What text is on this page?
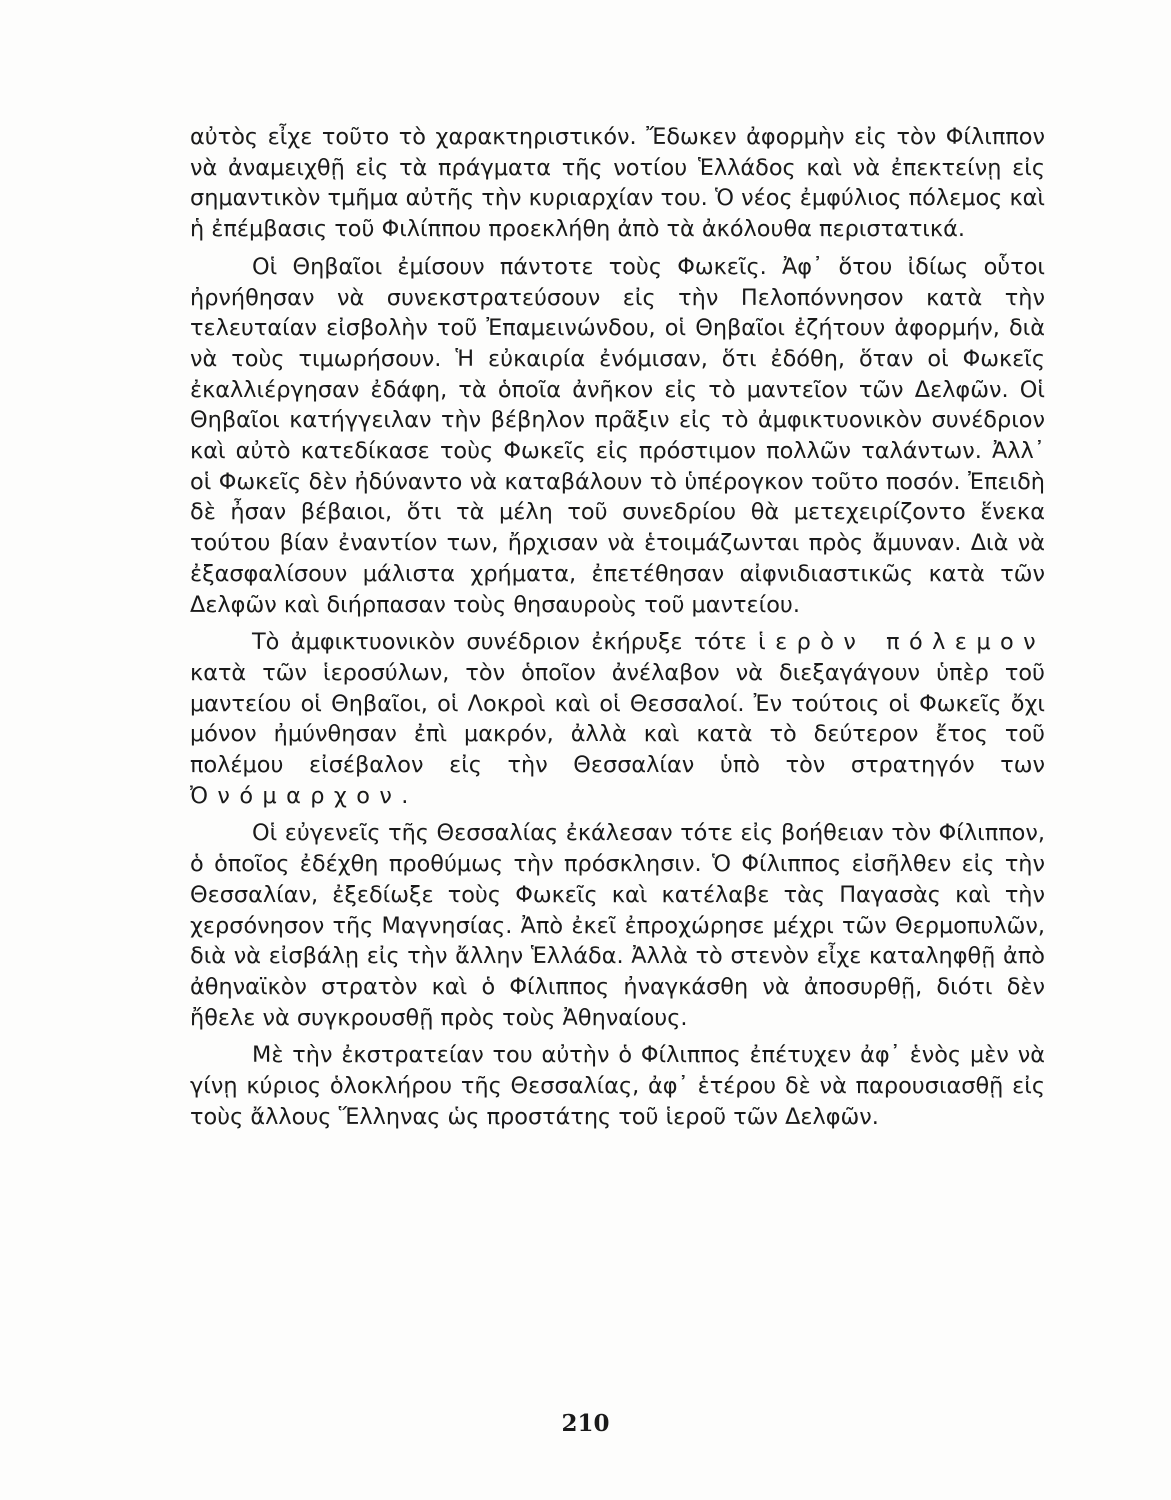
αὐτὸς εἶχε τοῦτο τὸ χαρακτηριστικόν. Ἔδωκεν ἀφορμὴν εἰς τὸν Φίλιππον νὰ ἀναμειχθῇ εἰς τὰ πράγματα τῆς νοτίου Ἑλλάδος καὶ νὰ ἐπεκτείνῃ εἰς σημαντικὸν τμῆμα αὐτῆς τὴν κυριαρχίαν του. Ὁ νέος ἐμφύλιος πόλεμος καὶ ἡ ἐπέμβασις τοῦ Φιλίππου προεκλήθη ἀπὸ τὰ ἀκόλουθα περιστατικά.

Οἱ Θηβαῖοι ἐμίσουν πάντοτε τοὺς Φωκεῖς. Ἀφ᾽ ὅτου ἰδίως οὗτοι ἠρνήθησαν νὰ συνεκστρατεύσουν εἰς τὴν Πελοπόννησον κατὰ τὴν τελευταίαν εἰσβολὴν τοῦ Ἐπαμεινώνδου, οἱ Θηβαῖοι ἐζήτουν ἀφορμήν, διὰ νὰ τοὺς τιμωρήσουν. Ἡ εὐκαιρία ἐνόμισαν, ὅτι ἐδόθη, ὅταν οἱ Φωκεῖς ἐκαλλιέργησαν ἐδάφη, τὰ ὁποῖα ἀνῆκον εἰς τὸ μαντεῖον τῶν Δελφῶν. Οἱ Θηβαῖοι κατήγγειλαν τὴν βέβηλον πρᾶξιν εἰς τὸ ἀμφικτυονικὸν συνέδριον καὶ αὐτὸ κατεδίκασε τοὺς Φωκεῖς εἰς πρόστιμον πολλῶν ταλάντων. Ἀλλ᾽ οἱ Φωκεῖς δὲν ἠδύναντο νὰ καταβάλουν τὸ ὑπέρογκον τοῦτο ποσόν. Ἐπειδὴ δὲ ἦσαν βέβαιοι, ὅτι τὰ μέλη τοῦ συνεδρίου θὰ μετεχειρίζοντο ἕνεκα τούτου βίαν ἐναντίον των, ἤρχισαν νὰ ἑτοιμάζωνται πρὸς ἄμυναν. Διὰ νὰ ἐξασφαλίσουν μάλιστα χρήματα, ἐπετέθησαν αἰφνιδιαστικῶς κατὰ τῶν Δελφῶν καὶ διήρπασαν τοὺς θησαυροὺς τοῦ μαντείου.

Τὸ ἀμφικτυονικὸν συνέδριον ἐκήρυξε τότε ἱερὸν πόλεμον κατὰ τῶν ἱεροσύλων, τὸν ὁποῖον ἀνέλαβον νὰ διεξαγάγουν ὑπὲρ τοῦ μαντείου οἱ Θηβαῖοι, οἱ Λοκροὶ καὶ οἱ Θεσσαλοί. Ἐν τούτοις οἱ Φωκεῖς ὄχι μόνον ἠμύνθησαν ἐπὶ μακρόν, ἀλλὰ καὶ κατὰ τὸ δεύτερον ἔτος τοῦ πολέμου εἰσέβαλον εἰς τὴν Θεσσαλίαν ὑπὸ τὸν στρατηγόν των Ὀνόμαρχον.

Οἱ εὐγενεῖς τῆς Θεσσαλίας ἐκάλεσαν τότε εἰς βοήθειαν τὸν Φίλιππον, ὁ ὁποῖος ἐδέχθη προθύμως τὴν πρόσκλησιν. Ὁ Φίλιππος εἰσῆλθεν εἰς τὴν Θεσσαλίαν, ἐξεδίωξε τοὺς Φωκεῖς καὶ κατέλαβε τὰς Παγασὰς καὶ τὴν χερσόνησον τῆς Μαγνησίας. Ἀπὸ ἐκεῖ ἐπροχώρησε μέχρι τῶν Θερμοπυλῶν, διὰ νὰ εἰσβάλῃ εἰς τὴν ἄλλην Ἑλλάδα. Ἀλλὰ τὸ στενὸν εἶχε καταληφθῇ ἀπὸ ἀθηναϊκὸν στρατὸν καὶ ὁ Φίλιππος ἠναγκάσθη νὰ ἀποσυρθῇ, διότι δὲν ἤθελε νὰ συγκρουσθῇ πρὸς τοὺς Ἀθηναίους.

Μὲ τὴν ἐκστρατείαν του αὐτὴν ὁ Φίλιππος ἐπέτυχεν ἀφ᾽ ἑνὸς μὲν νὰ γίνῃ κύριος ὁλοκλήρου τῆς Θεσσαλίας, ἀφ᾽ ἑτέρου δὲ νὰ παρουσιασθῇ εἰς τοὺς ἄλλους Ἕλληνας ὡς προστάτης τοῦ ἱεροῦ τῶν Δελφῶν.

210
